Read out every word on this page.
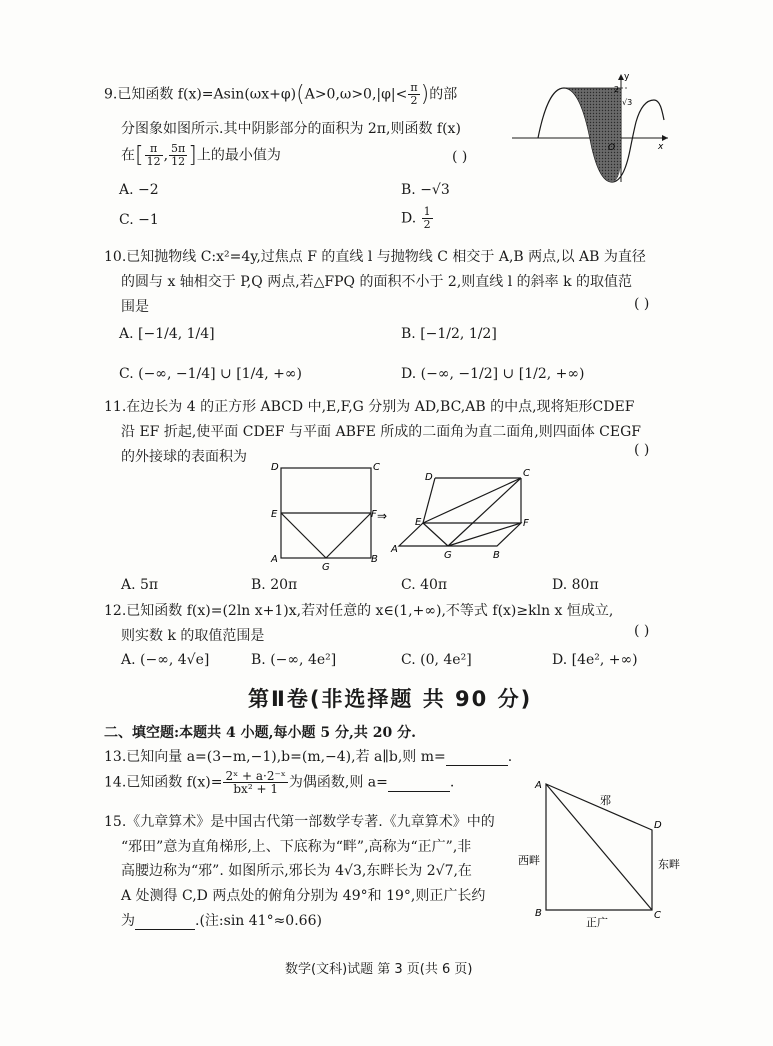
9.已知函数 $f(x)=Asin(\omega x+\varphi)(A>0,\omega>0,|\varphi|< \frac{\pi}{2}$ )的部
分图象如图所示.其中阴影部分的面积为 2π,则函数 f(x)
在[ $\frac{\pi}{12}$ , $\frac{5\pi}{12}$ ]上的最小值为	( )
A. −2	B. −√3
C. −1	D. $\frac{1}{2}$
y
x
O
2
√3
10.已知抛物线 C:x²=4y,过焦点 F 的直线 l 与抛物线 C 相交于 A,B 两点,以 AB 为直径
的圆与 x 轴相交于 P,Q 两点,若△FPQ 的面积不小于 2,则直线 l 的斜率 k 的取值范
围是	( )
A. [−1/4, 1/4]	B. [−1/2, 1/2]
C. (−∞, −1/4] ∪ [1/4, +∞)	D. (−∞, −1/2] ∪ [1/2, +∞)
11.在边长为 4 的正方形 ABCD 中,E,F,G 分别为 AD,BC,AB 的中点,现将矩形CDEF
沿 EF 折起,使平面 CDEF 与平面 ABFE 所成的二面角为直二面角,则四面体 CEGF
的外接球的表面积为	( )
D	C
E	F ⇒
A	B
G
D	C
E	F
A
B
G
A. 5π	B. 20π	C. 40π	D. 80π
12.已知函数 f(x)=(2ln x+1)x,若对任意的 x∈(1,+∞),不等式 f(x)≥kln x 恒成立,
则实数 k 的取值范围是	( )
A. (−∞, 4√e]	B. (−∞, 4e²]	C. (0, 4e²]	D. [4e², +∞)
第Ⅱ卷(非选择题 共 90 分)
二、填空题:本题共 4 小题,每小题 5 分,共 20 分.
13.已知向量 a=(3−m,−1),b=(m,−4),若 a∥b,则 m=	.
14.已知函数 $f(x)= \frac{\text{2ˣ + a·2⁻ˣ}}{\text{bx² + 1}}$ 为偶函数,则 a=	.
15.《九章算术》是中国古代第一部数学专著.《九章算术》中的
“邪田”意为直角梯形,上、下底称为“畔”,高称为“正广”,非
高腰边称为“邪”. 如图所示,邪长为 4√3,东畔长为 2√7,在
A 处测得 C,D 两点处的俯角分别为 49°和 19°,则正广长约
为	.(注:sin 41°≈0.66)
A
D
B	C
邪
西畔	东畔
正广
数学(文科)试题 第 3 页(共 6 页)
